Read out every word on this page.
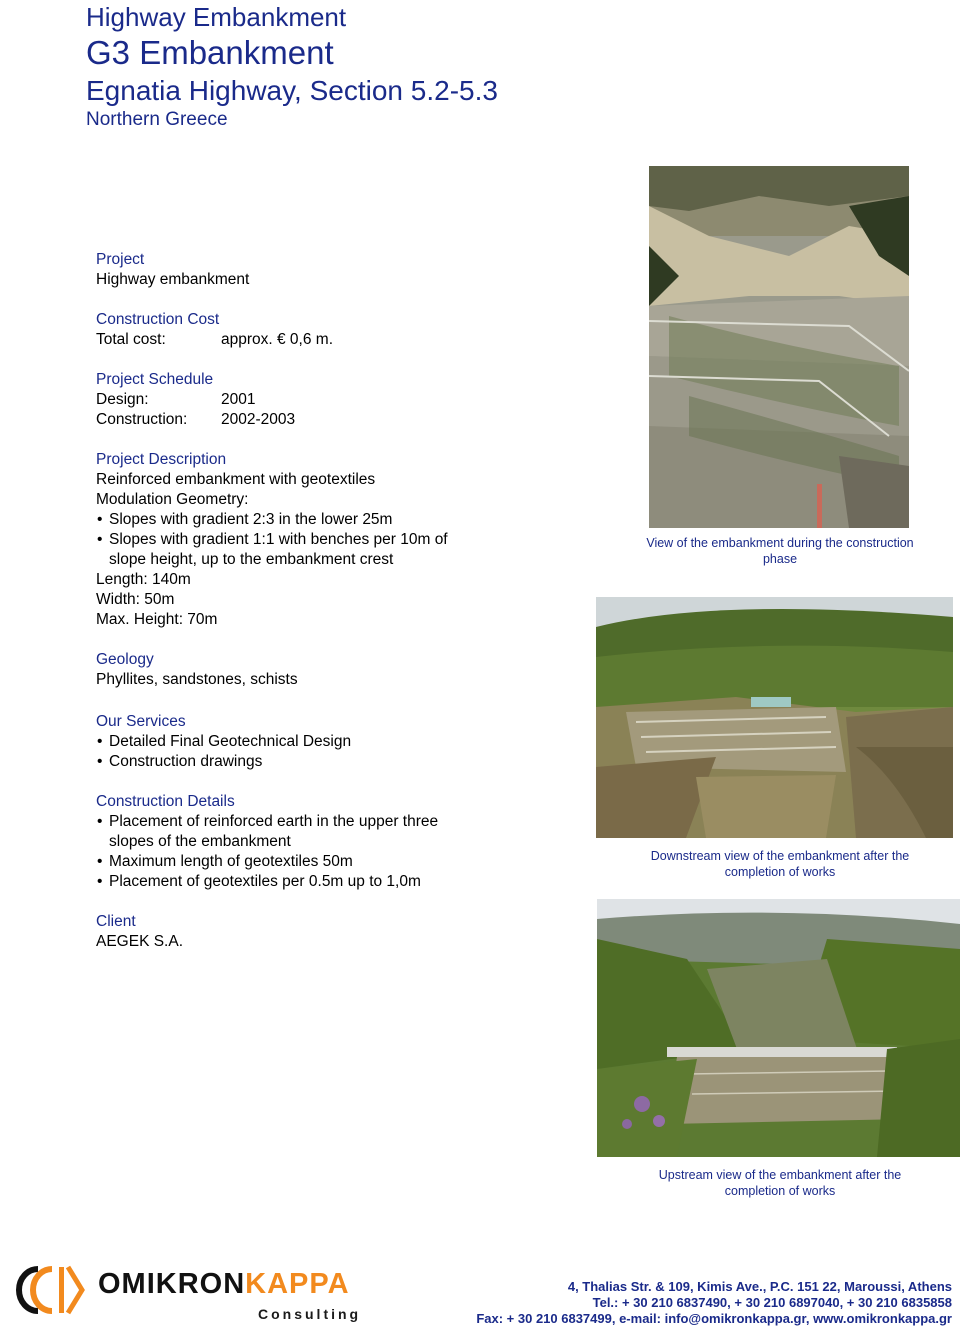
Highway Embankment
G3 Embankment
Egnatia Highway, Section 5.2-5.3
Northern Greece
Project
Highway embankment
Construction Cost
Total cost:	approx. € 0,6 m.
Project Schedule
Design:	2001
Construction:	2002-2003
Project Description
Reinforced embankment with geotextiles
Modulation Geometry:
• Slopes with gradient 2:3 in the lower 25m
• Slopes with gradient 1:1 with benches per 10m of slope height, up to the embankment crest
Length: 140m
Width: 50m
Max. Height: 70m
Geology
Phyllites, sandstones, schists
Our Services
• Detailed Final Geotechnical Design
• Construction drawings
Construction Details
• Placement of reinforced earth in the upper three slopes of the embankment
• Maximum length of geotextiles 50m
• Placement of geotextiles per 0.5m up to 1,0m
Client
AEGEK S.A.
View of the embankment during the construction phase
Downstream view of the embankment after the completion of works
Upstream view of the embankment after the completion of works
OMIKRONKAPPA
Consulting
4, Thalias Str. & 109, Kimis Ave., P.C. 151 22, Maroussi, Athens
Tel.: + 30 210 6837490, + 30 210 6897040, + 30 210 6835858
Fax: + 30 210 6837499, e-mail: info@omikronkappa.gr, www.omikronkappa.gr
